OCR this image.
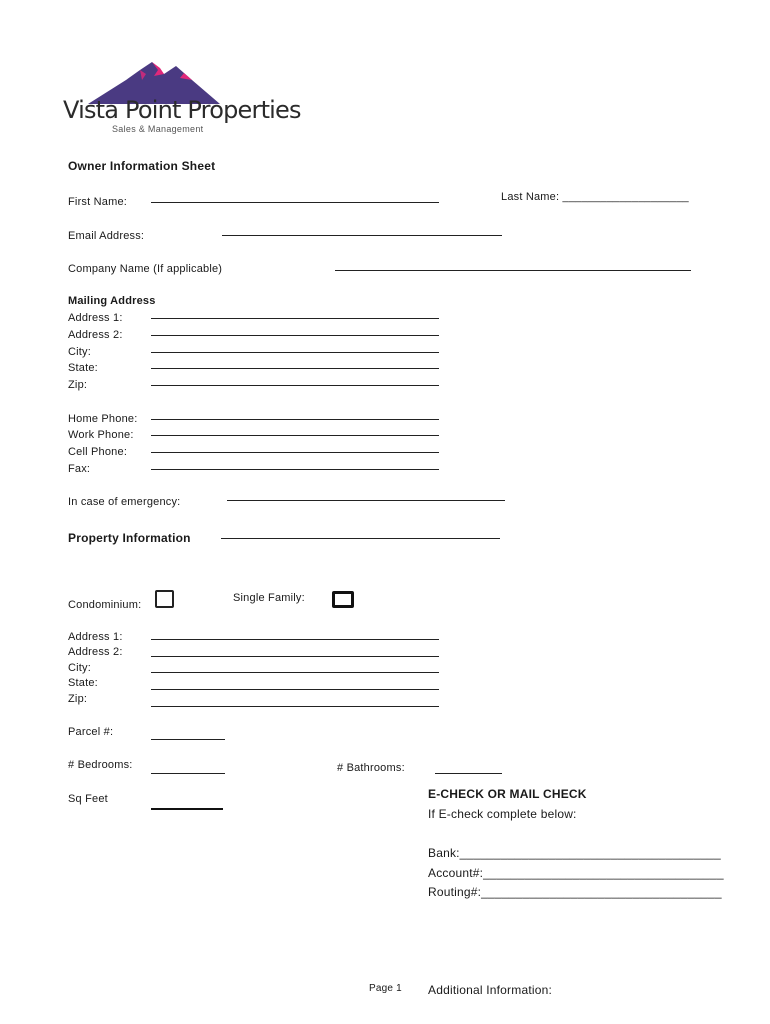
Vista Point Properties
Sales & Management
Owner Information Sheet
First Name:	Last Name: ____________________
Email Address:
Company Name (If applicable)
Mailing Address
Address 1:
Address 2:
City:
State:
Zip:
Home Phone:
Work Phone:
Cell Phone:
Fax:
In case of emergency:
Property Information
Condominium:
Single Family:
Address 1:
Address 2:
City:
State:
Zip:
Parcel #:
# Bedrooms:	# Bathrooms:
Sq Feet	E-CHECK OR MAIL CHECK
If E-check complete below:
Bank:______________________________________
Account#:___________________________________
Routing#:___________________________________
Page 1 Additional Information:
